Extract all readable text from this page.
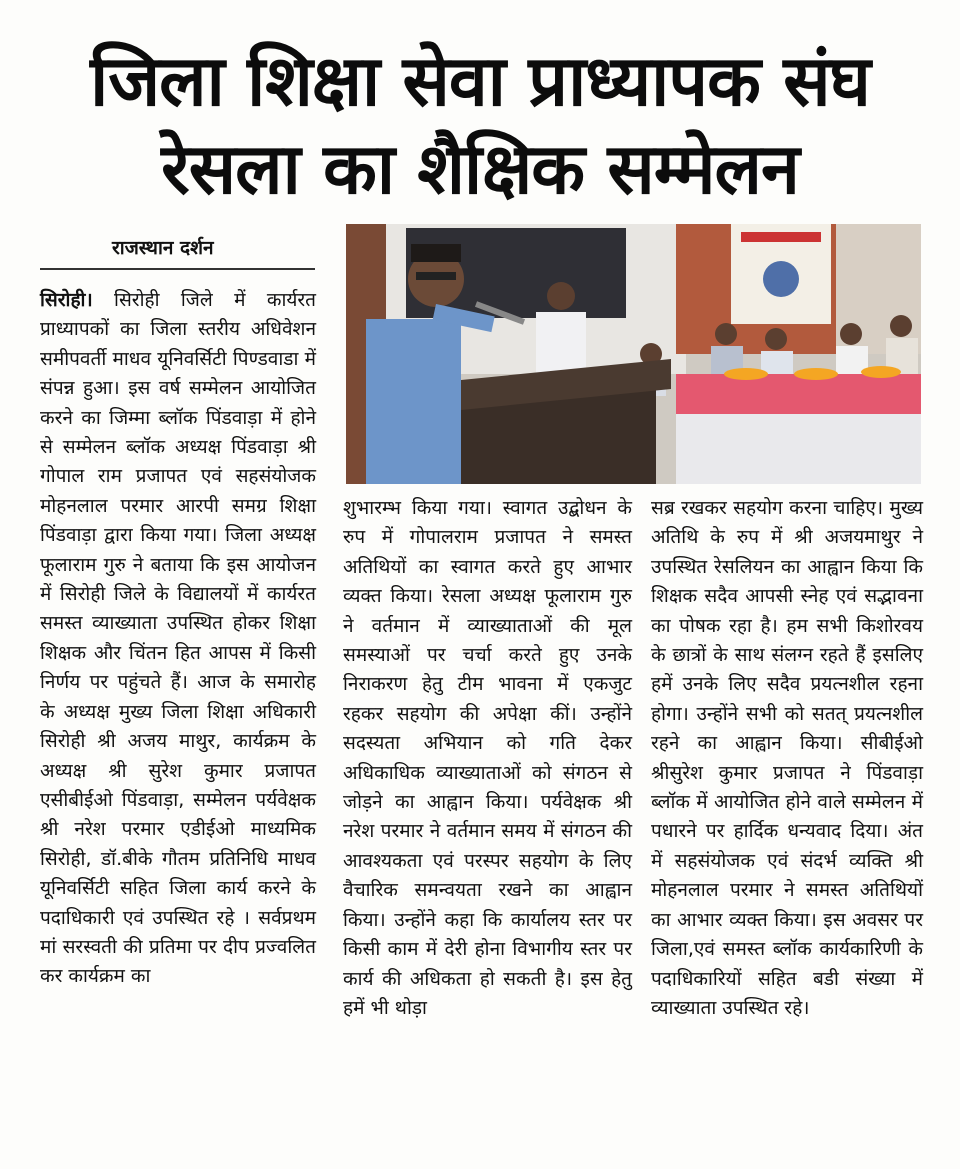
जिला शिक्षा सेवा प्राध्यापक संघ
रेसला का शैक्षिक सम्मेलन
राजस्थान दर्शन

सिरोही। सिरोही जिले में कार्यरत प्राध्यापकों का जिला स्तरीय अधिवेशन समीपवर्ती माधव यूनिवर्सिटी पिण्डवाडा में संपन्न हुआ। इस वर्ष सम्मेलन आयोजित करने का जिम्मा ब्लॉक पिंडवाड़ा में होने से सम्मेलन ब्लॉक अध्यक्ष पिंडवाड़ा श्री गोपाल राम प्रजापत एवं सहसंयोजक मोहनलाल परमार आरपी समग्र शिक्षा पिंडवाड़ा द्वारा किया गया। जिला अध्यक्ष फूलाराम गुरु ने बताया कि इस आयोजन में सिरोही जिले के विद्यालयों में कार्यरत समस्त व्याख्याता उपस्थित होकर शिक्षा शिक्षक और चिंतन हित आपस में किसी निर्णय पर पहुंचते हैं। आज के समारोह के अध्यक्ष मुख्य जिला शिक्षा अधिकारी सिरोही श्री अजय माथुर, कार्यक्रम के अध्यक्ष श्री सुरेश कुमार प्रजापत एसीबीईओ पिंडवाड़ा, सम्मेलन पर्यवेक्षक श्री नरेश परमार एडीईओ माध्यमिक सिरोही, डॉ.बीके गौतम प्रतिनिधि माधव यूनिवर्सिटी सहित जिला कार्य करने के पदाधिकारी एवं उपस्थित रहे । सर्वप्रथम मां सरस्वती की प्रतिमा पर दीप प्रज्वलित कर कार्यक्रम का

शुभारम्भ किया गया। स्वागत उद्बोधन के रुप में गोपालराम प्रजापत ने समस्त अतिथियों का स्वागत करते हुए आभार व्यक्त किया। रेसला अध्यक्ष फूलाराम गुरु ने वर्तमान में व्याख्याताओं की मूल समस्याओं पर चर्चा करते हुए उनके निराकरण हेतु टीम भावना में एकजुट रहकर सहयोग की अपेक्षा कीं। उन्होंने सदस्यता अभियान को गति देकर अधिकाधिक व्याख्याताओं को संगठन से जोड़ने का आह्वान किया। पर्यवेक्षक श्री नरेश परमार ने वर्तमान समय में संगठन की आवश्यकता एवं परस्पर सहयोग के लिए वैचारिक समन्वयता रखने का आह्वान किया। उन्होंने कहा कि कार्यालय स्तर पर किसी काम में देरी होना विभागीय स्तर पर कार्य की अधिकता हो सकती है। इस हेतु हमें भी थोड़ा

सब्र रखकर सहयोग करना चाहिए। मुख्य अतिथि के रुप में श्री अजयमाथुर ने उपस्थित रेसलियन का आह्वान किया कि शिक्षक सदैव आपसी स्नेह एवं सद्भावना का पोषक रहा है। हम सभी किशोरवय के छात्रों के साथ संलग्न रहते हैं इसलिए हमें उनके लिए सदैव प्रयत्नशील रहना होगा। उन्होंने सभी को सतत् प्रयत्नशील रहने का आह्वान किया। सीबीईओ श्रीसुरेश कुमार प्रजापत ने पिंडवाड़ा ब्लॉक में आयोजित होने वाले सम्मेलन में पधारने पर हार्दिक धन्यवाद दिया। अंत में सहसंयोजक एवं संदर्भ व्यक्ति श्री मोहनलाल परमार ने समस्त अतिथियों का आभार व्यक्त किया। इस अवसर पर जिला,एवं समस्त ब्लॉक कार्यकारिणी के पदाधिकारियों सहित बडी संख्या में व्याख्याता उपस्थित रहे।
